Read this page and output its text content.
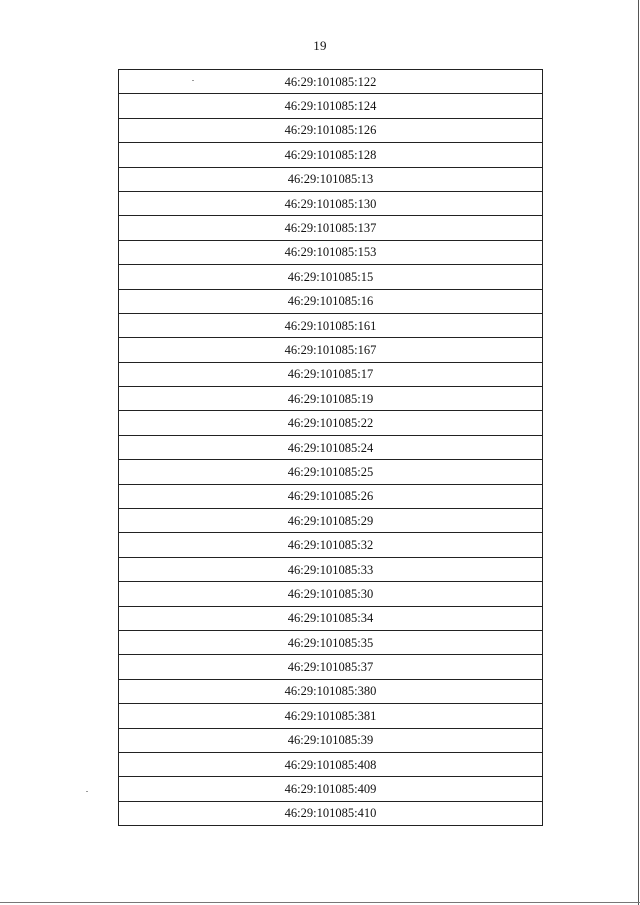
19
46:29:101085:122
46:29:101085:124
46:29:101085:126
46:29:101085:128
46:29:101085:13
46:29:101085:130
46:29:101085:137
46:29:101085:153
46:29:101085:15
46:29:101085:16
46:29:101085:161
46:29:101085:167
46:29:101085:17
46:29:101085:19
46:29:101085:22
46:29:101085:24
46:29:101085:25
46:29:101085:26
46:29:101085:29
46:29:101085:32
46:29:101085:33
46:29:101085:30
46:29:101085:34
46:29:101085:35
46:29:101085:37
46:29:101085:380
46:29:101085:381
46:29:101085:39
46:29:101085:408
46:29:101085:409
46:29:101085:410
